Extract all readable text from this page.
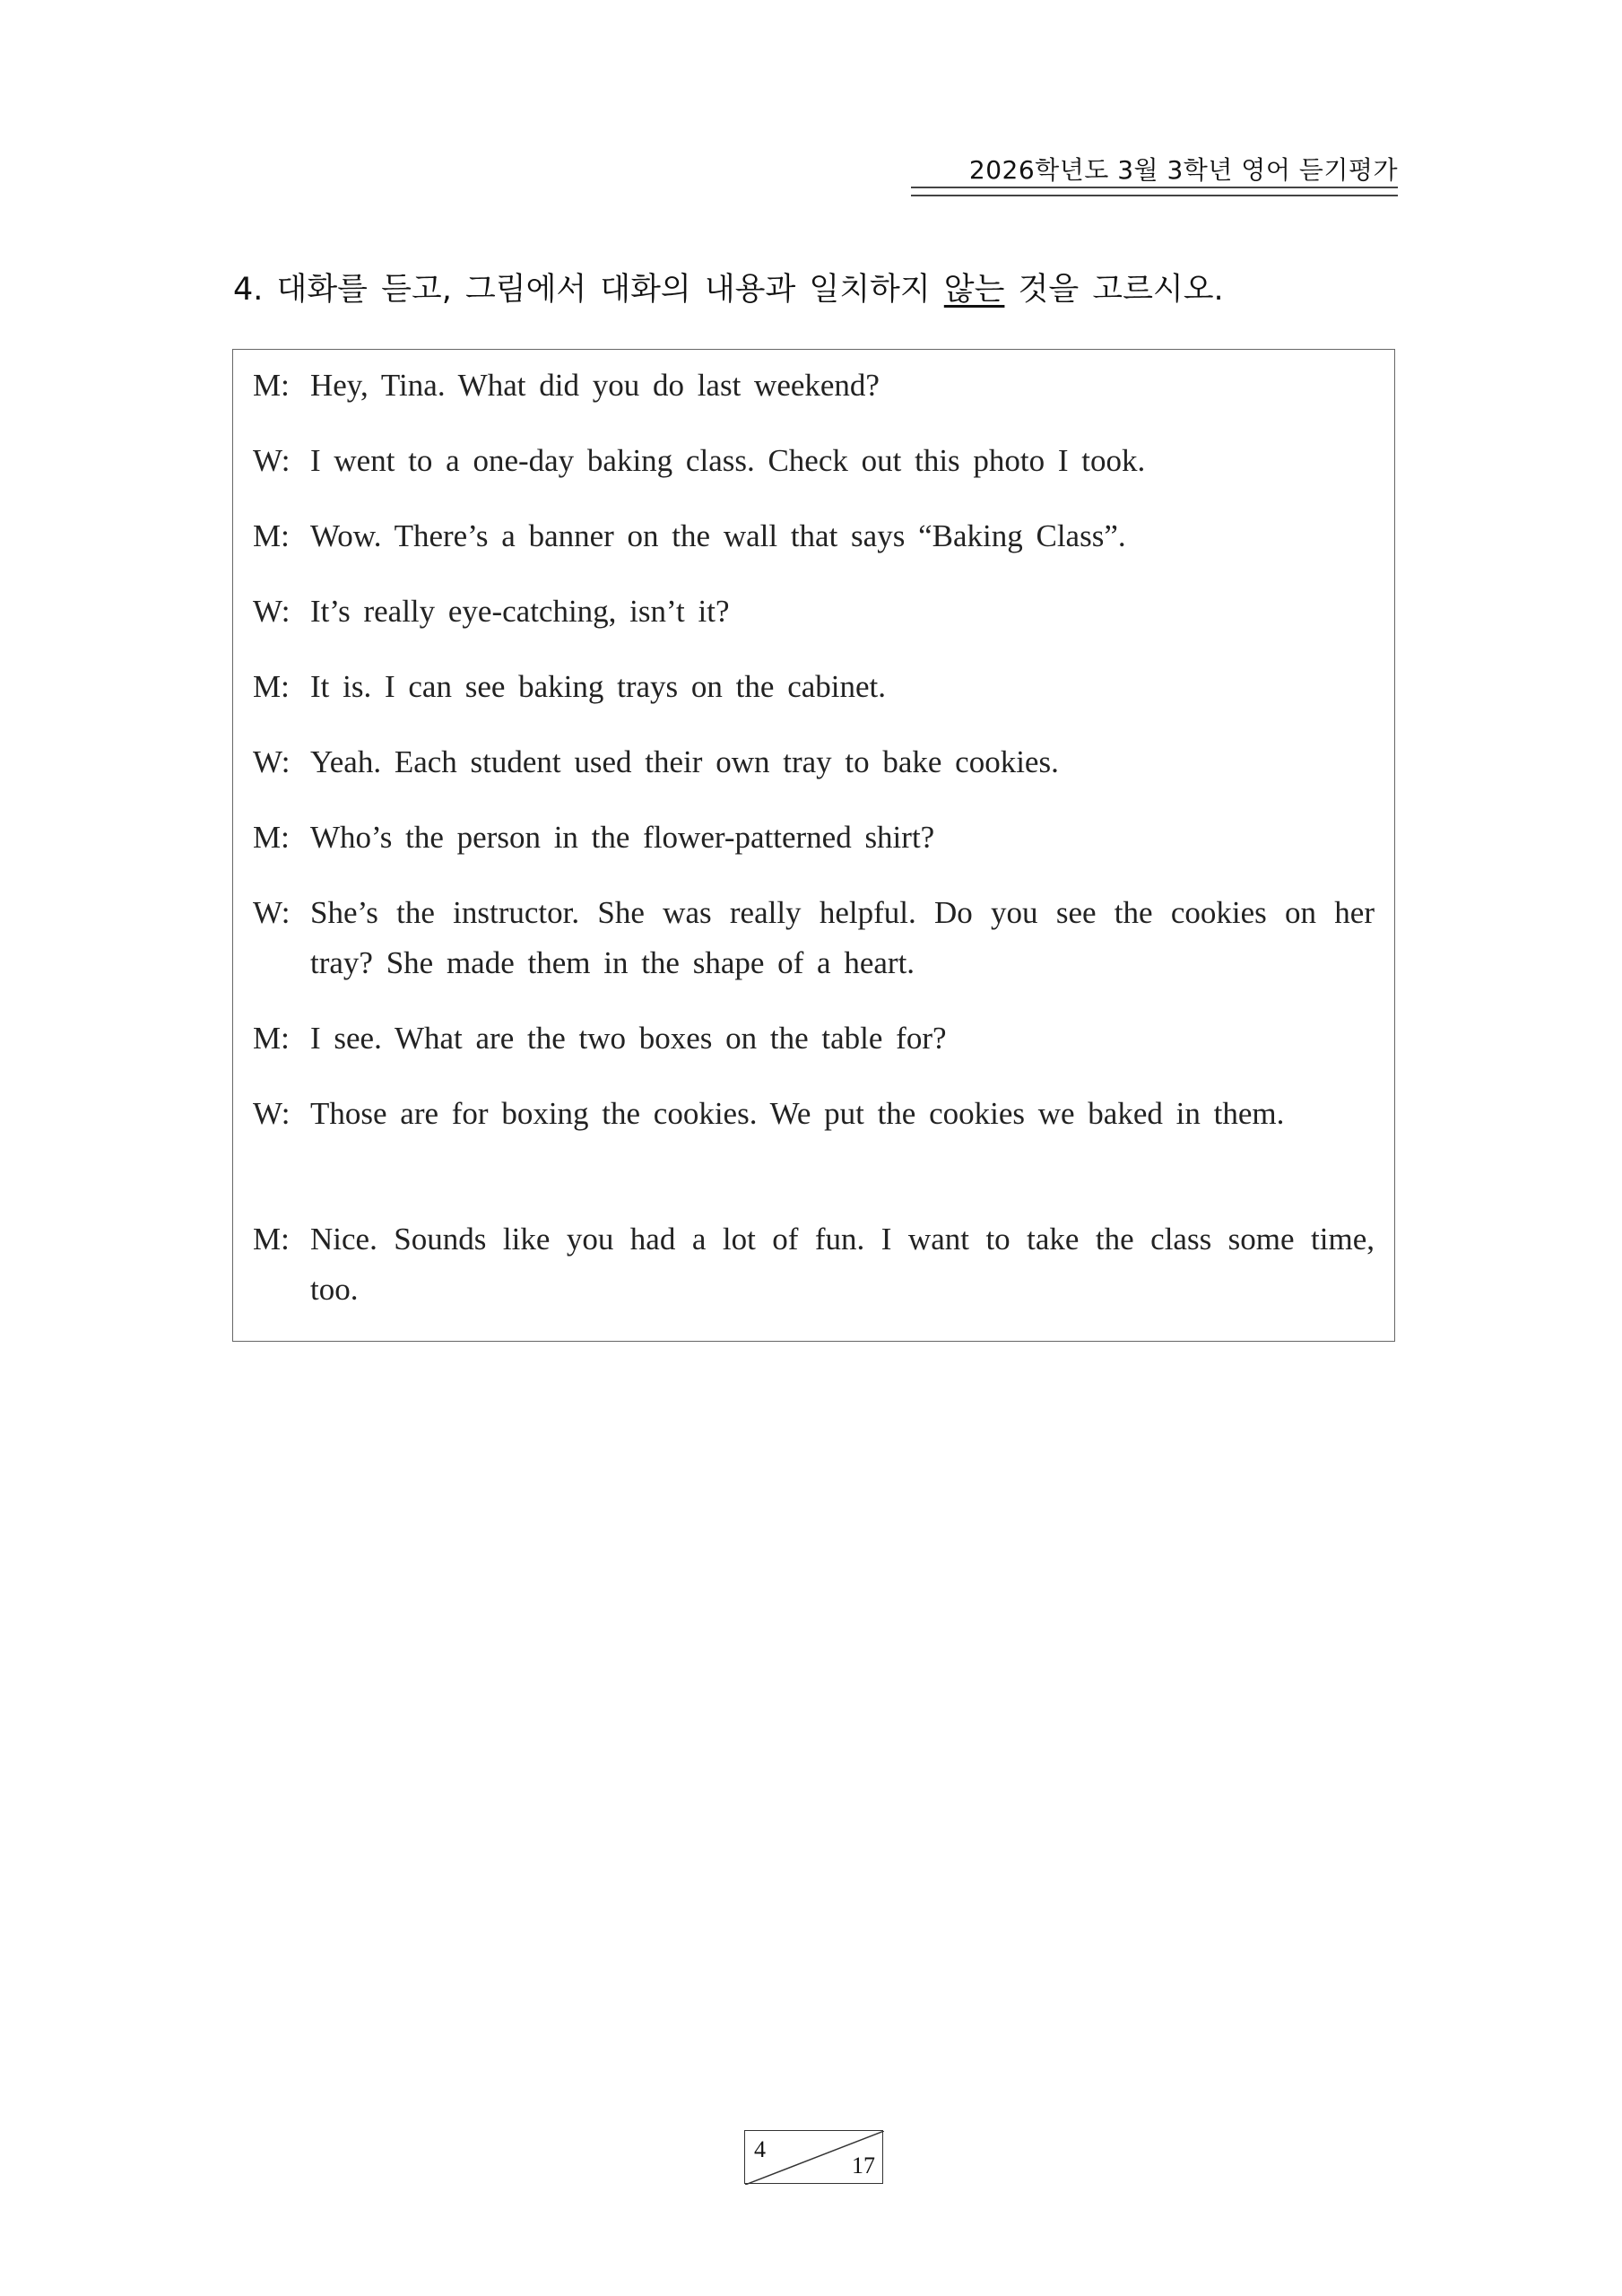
2026학년도 3월 3학년 영어 듣기평가
4. 대화를 듣고, 그림에서 대화의 내용과 일치하지 않는 것을 고르시오.
M: Hey, Tina. What did you do last weekend?
W: I went to a one-day baking class. Check out this photo I took.
M: Wow. There’s a banner on the wall that says “Baking Class”.
W: It’s really eye-catching, isn’t it?
M: It is. I can see baking trays on the cabinet.
W: Yeah. Each student used their own tray to bake cookies.
M: Who’s the person in the flower-patterned shirt?
W: She’s the instructor. She was really helpful. Do you see the cookies on her tray? She made them in the shape of a heart.
M: I see. What are the two boxes on the table for?
W: Those are for boxing the cookies. We put the cookies we baked in them.
M: Nice. Sounds like you had a lot of fun. I want to take the class some time, too.
4
17
